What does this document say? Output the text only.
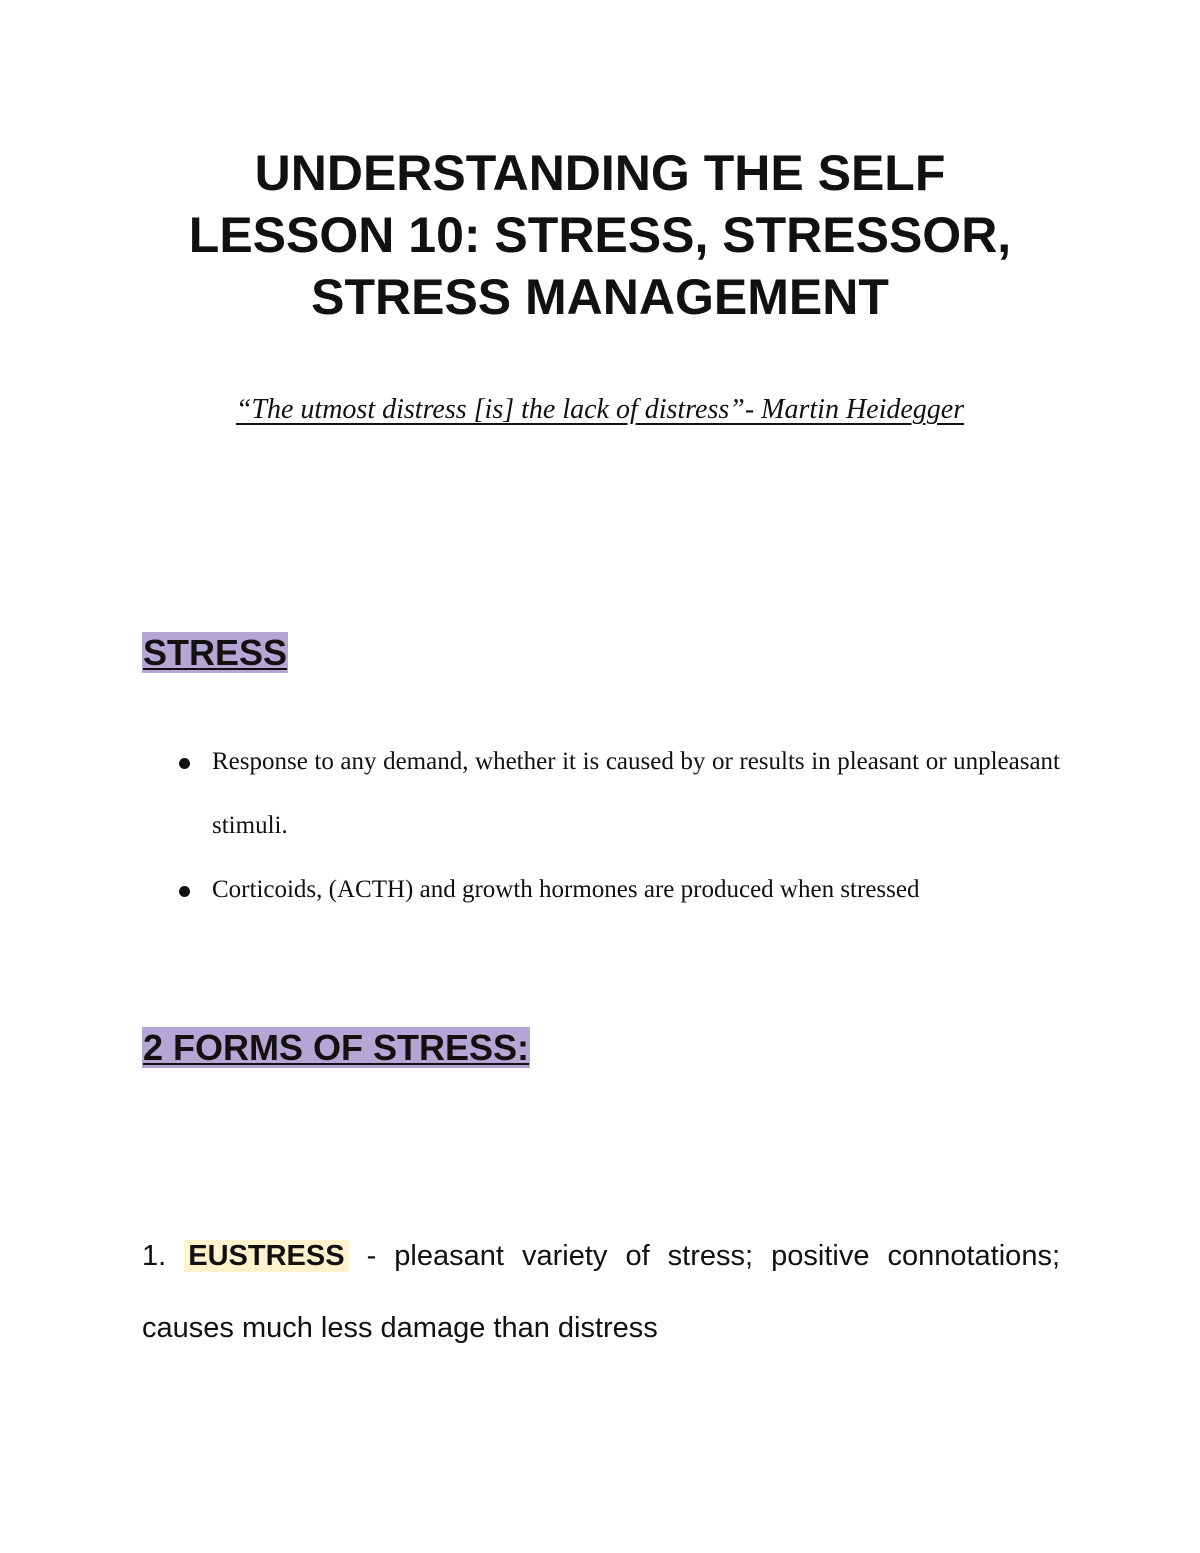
UNDERSTANDING THE SELF
LESSON 10: STRESS, STRESSOR,
STRESS MANAGEMENT
“The utmost distress [is] the lack of distress”- Martin Heidegger
STRESS
Response to any demand, whether it is caused by or results in pleasant or unpleasant stimuli.
Corticoids, (ACTH) and growth hormones are produced when stressed
2 FORMS OF STRESS:

1. EUSTRESS - pleasant variety of stress; positive connotations; causes much less damage than distress
